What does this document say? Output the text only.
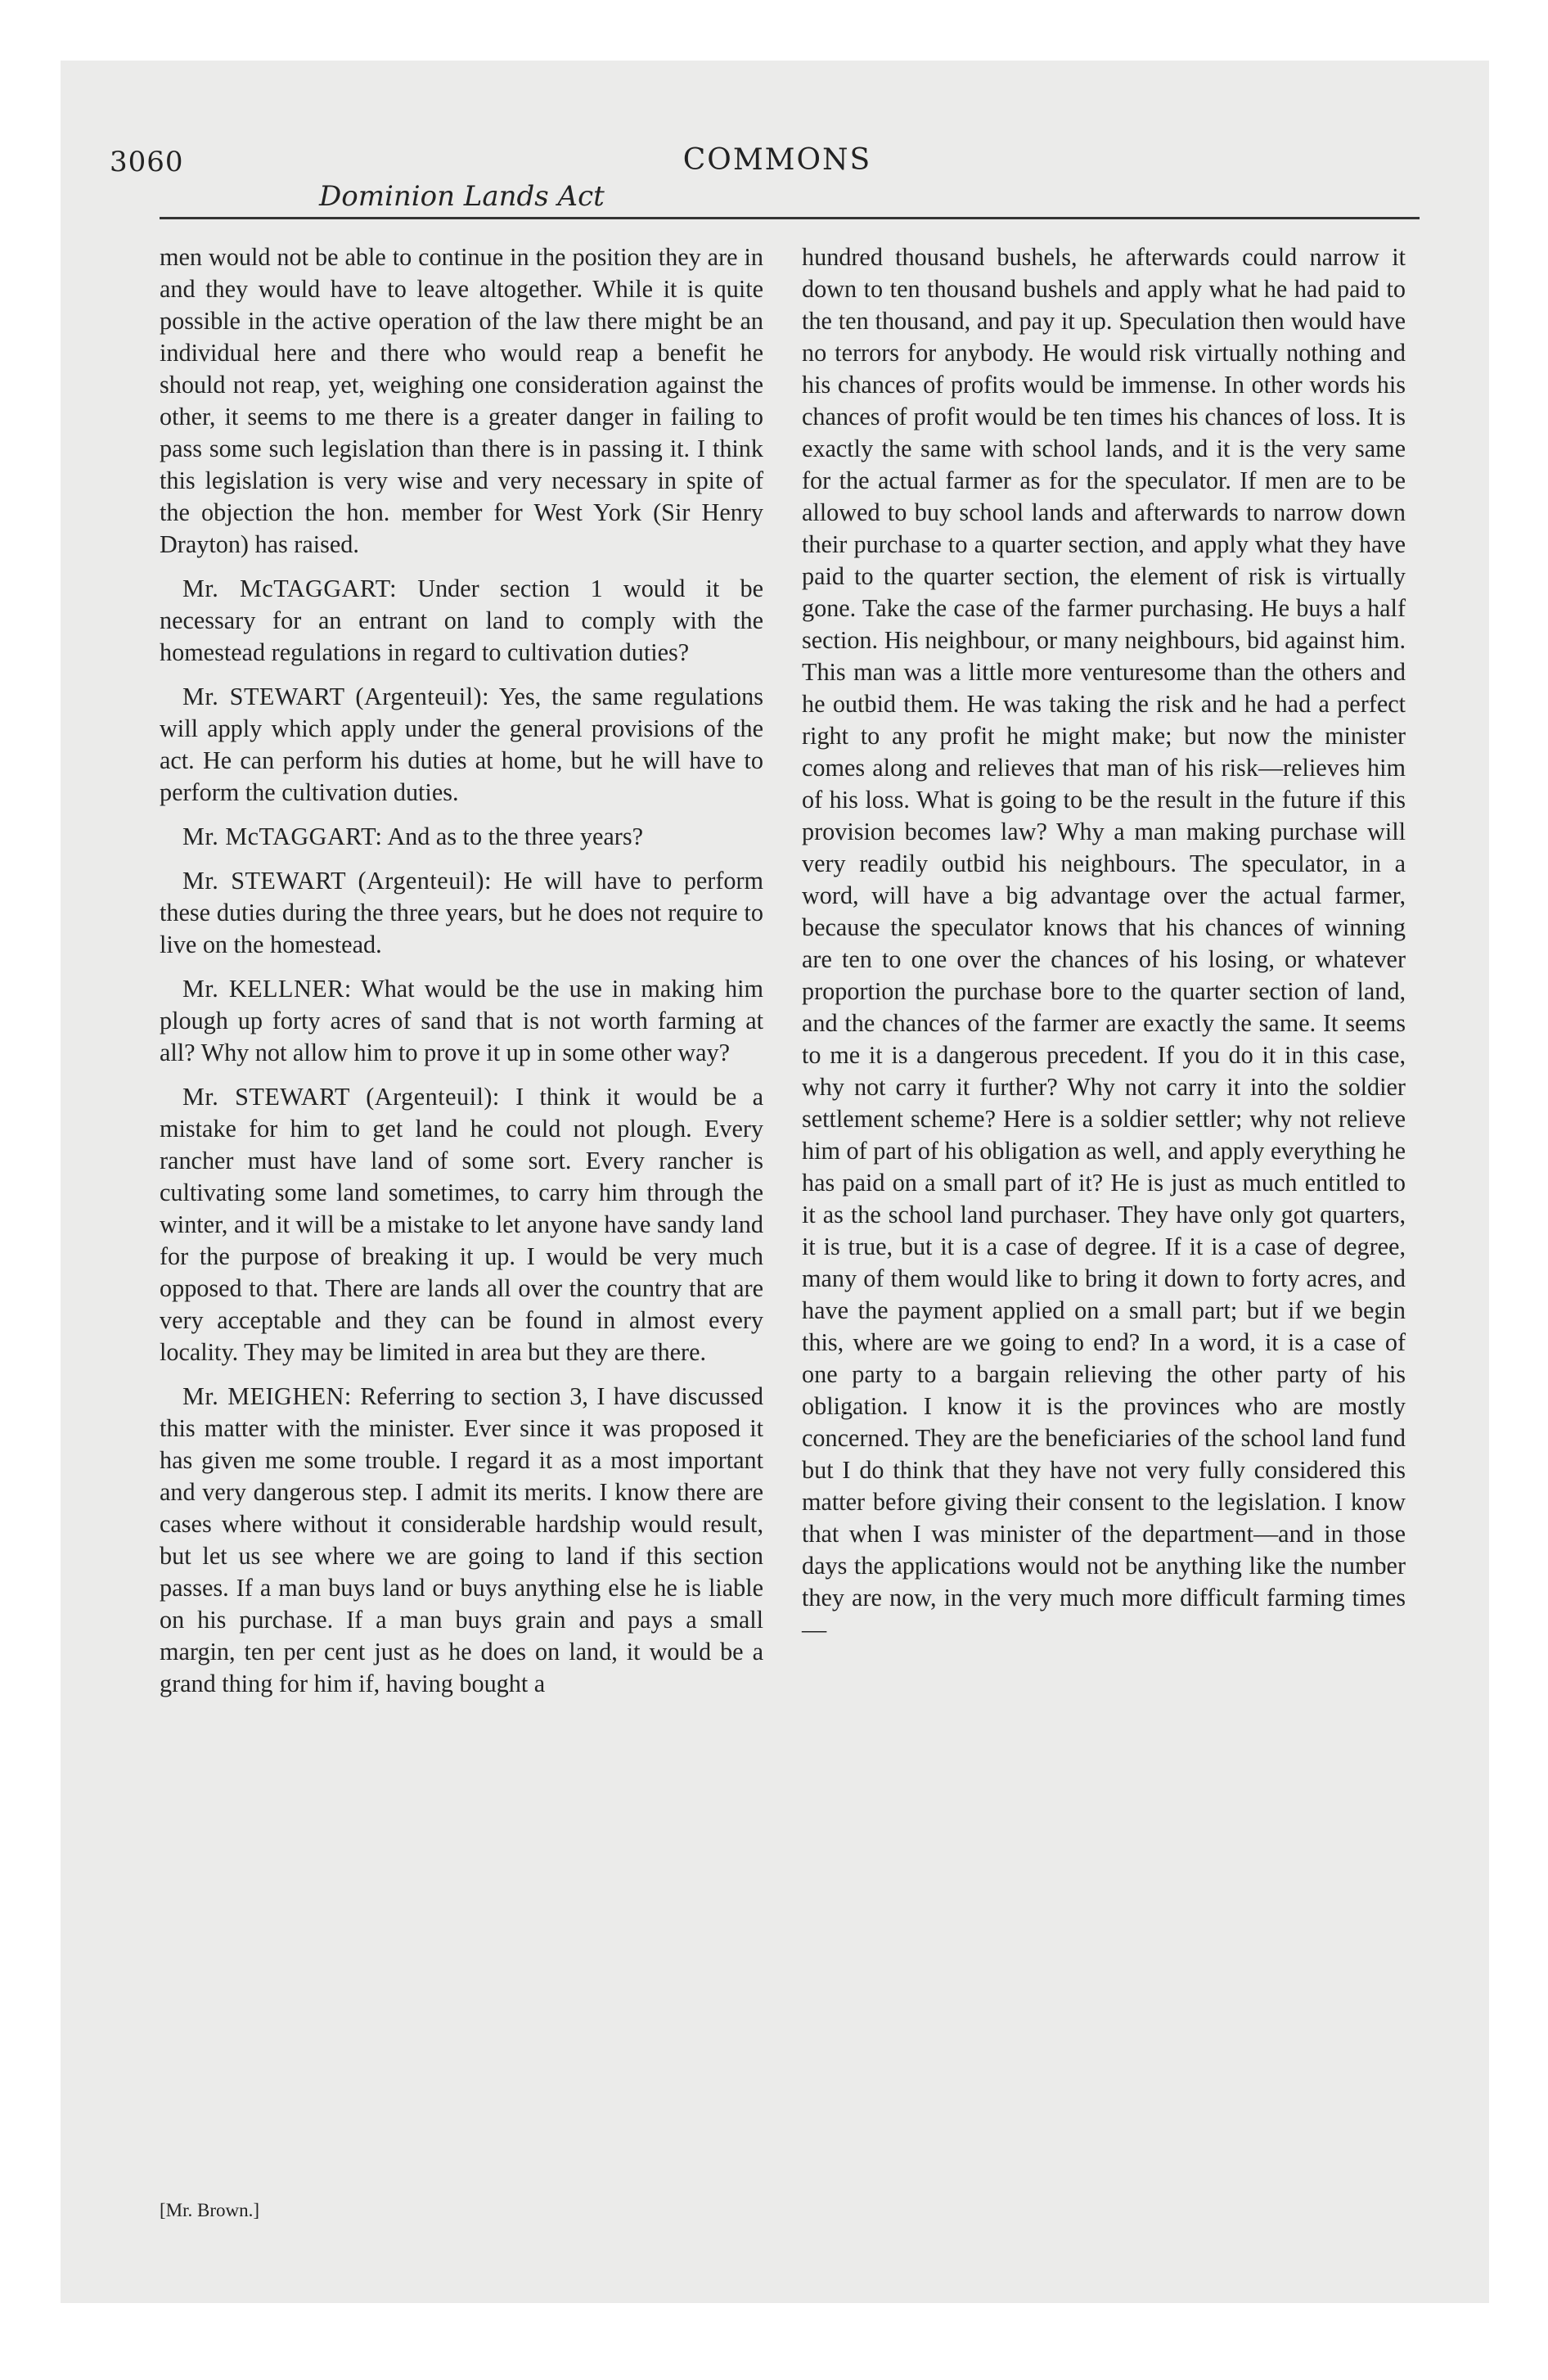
3060	COMMONS
Dominion Lands Act

men would not be able to continue in the position they are in and they would have to leave altogether. While it is quite possible in the active operation of the law there might be an individual here and there who would reap a benefit he should not reap, yet, weighing one consideration against the other, it seems to me there is a greater danger in failing to pass some such legislation than there is in passing it. I think this legislation is very wise and very necessary in spite of the objection the hon. member for West York (Sir Henry Drayton) has raised.

Mr. McTAGGART: Under section 1 would it be necessary for an entrant on land to comply with the homestead regulations in regard to cultivation duties?

Mr. STEWART (Argenteuil): Yes, the same regulations will apply which apply under the general provisions of the act. He can perform his duties at home, but he will have to perform the cultivation duties.

Mr. McTAGGART: And as to the three years?

Mr. STEWART (Argenteuil): He will have to perform these duties during the three years, but he does not require to live on the homestead.

Mr. KELLNER: What would be the use in making him plough up forty acres of sand that is not worth farming at all? Why not allow him to prove it up in some other way?

Mr. STEWART (Argenteuil): I think it would be a mistake for him to get land he could not plough. Every rancher must have land of some sort. Every rancher is cultivating some land sometimes, to carry him through the winter, and it will be a mistake to let anyone have sandy land for the purpose of breaking it up. I would be very much opposed to that. There are lands all over the country that are very acceptable and they can be found in almost every locality. They may be limited in area but they are there.

Mr. MEIGHEN: Referring to section 3, I have discussed this matter with the minister. Ever since it was proposed it has given me some trouble. I regard it as a most important and very dangerous step. I admit its merits. I know there are cases where without it considerable hardship would result, but let us see where we are going to land if this section passes. If a man buys land or buys anything else he is liable on his purchase. If a man buys grain and pays a small margin, ten per cent just as he does on land, it would be a grand thing for him if, having bought a

hundred thousand bushels, he afterwards could narrow it down to ten thousand bushels and apply what he had paid to the ten thousand, and pay it up. Speculation then would have no terrors for anybody. He would risk virtually nothing and his chances of profits would be immense. In other words his chances of profit would be ten times his chances of loss. It is exactly the same with school lands, and it is the very same for the actual farmer as for the speculator. If men are to be allowed to buy school lands and afterwards to narrow down their purchase to a quarter section, and apply what they have paid to the quarter section, the element of risk is virtually gone. Take the case of the farmer purchasing. He buys a half section. His neighbour, or many neighbours, bid against him. This man was a little more venturesome than the others and he outbid them. He was taking the risk and he had a perfect right to any profit he might make; but now the minister comes along and relieves that man of his risk—relieves him of his loss. What is going to be the result in the future if this provision becomes law? Why a man making purchase will very readily outbid his neighbours. The speculator, in a word, will have a big advantage over the actual farmer, because the speculator knows that his chances of winning are ten to one over the chances of his losing, or whatever proportion the purchase bore to the quarter section of land, and the chances of the farmer are exactly the same. It seems to me it is a dangerous precedent. If you do it in this case, why not carry it further? Why not carry it into the soldier settlement scheme? Here is a soldier settler; why not relieve him of part of his obligation as well, and apply everything he has paid on a small part of it? He is just as much entitled to it as the school land purchaser. They have only got quarters, it is true, but it is a case of degree. If it is a case of degree, many of them would like to bring it down to forty acres, and have the payment applied on a small part; but if we begin this, where are we going to end? In a word, it is a case of one party to a bargain relieving the other party of his obligation. I know it is the provinces who are mostly concerned. They are the beneficiaries of the school land fund but I do think that they have not very fully considered this matter before giving their consent to the legislation. I know that when I was minister of the department—and in those days the applications would not be anything like the number they are now, in the very much more difficult farming times—

[Mr. Brown.]
